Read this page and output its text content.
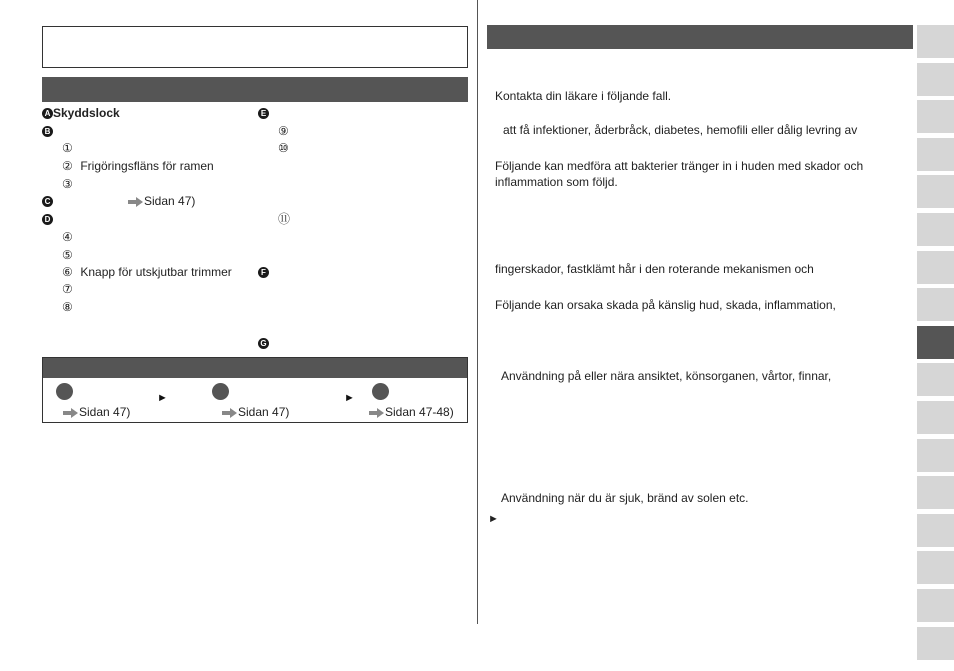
A Skyddslock
B
①
② Frigöringsfläns för ramen
③
C	Sidan 47)
D
④
⑤
⑥ Knapp för utskjutbar trimmer
⑦
⑧
E
⑨
⑩
⑪
F
G
Sidan 47)
►
Sidan 47)
►
Sidan 47-48)
Kontakta din läkare i följande fall.
att få infektioner, åderbråck, diabetes, hemofili eller dålig levring av
Följande kan medföra att bakterier tränger in i huden med skador och
inflammation som följd.
fingerskador, fastklämt hår i den roterande mekanismen och
Följande kan orsaka skada på känslig hud, skada, inflammation,
Användning på eller nära ansiktet, könsorganen, vårtor, finnar,
Användning när du är sjuk, bränd av solen etc.
►
